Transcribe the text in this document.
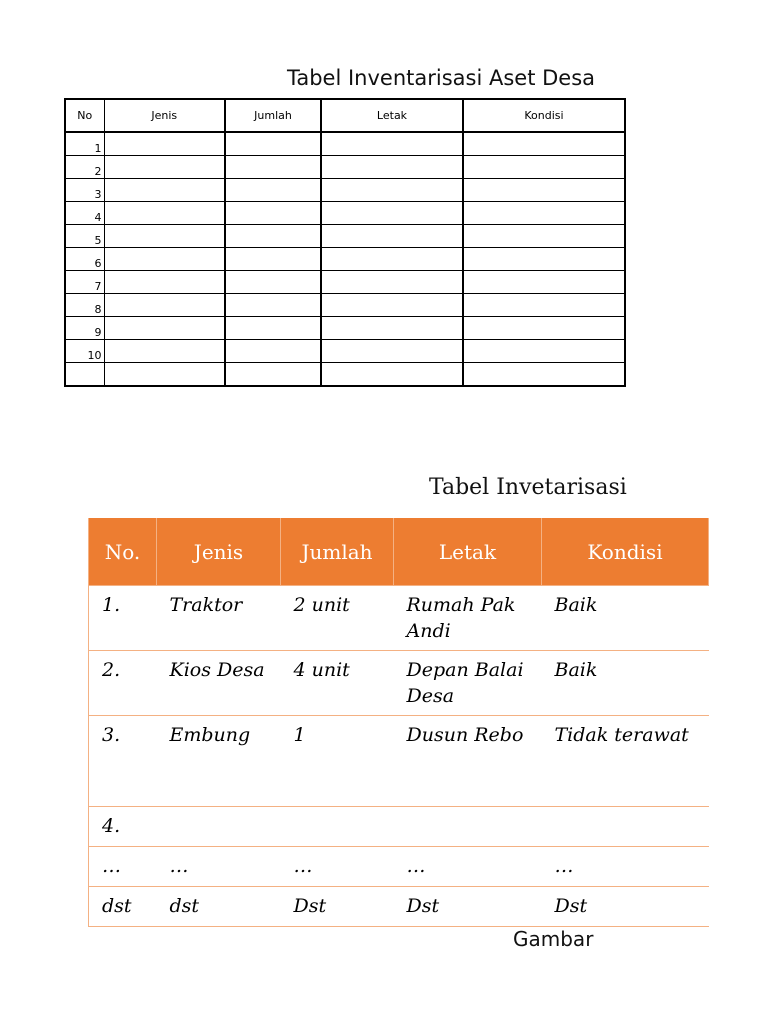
Tabel Inventarisasi Aset Desa
No	Jenis	Jumlah	Letak	Kondisi
1				
2				
3				
4				
5				
6				
7				
8				
9				
10				

Tabel Invetarisasi
No.	Jenis	Jumlah	Letak	Kondisi
1.	Traktor	2 unit	Rumah Pak Andi	Baik
2.	Kios Desa	4 unit	Depan Balai Desa	Baik
3.	Embung	1	Dusun Rebo	Tidak terawat
4.				
…	…	…	…	…
dst	dst	Dst	Dst	Dst
Gambar
